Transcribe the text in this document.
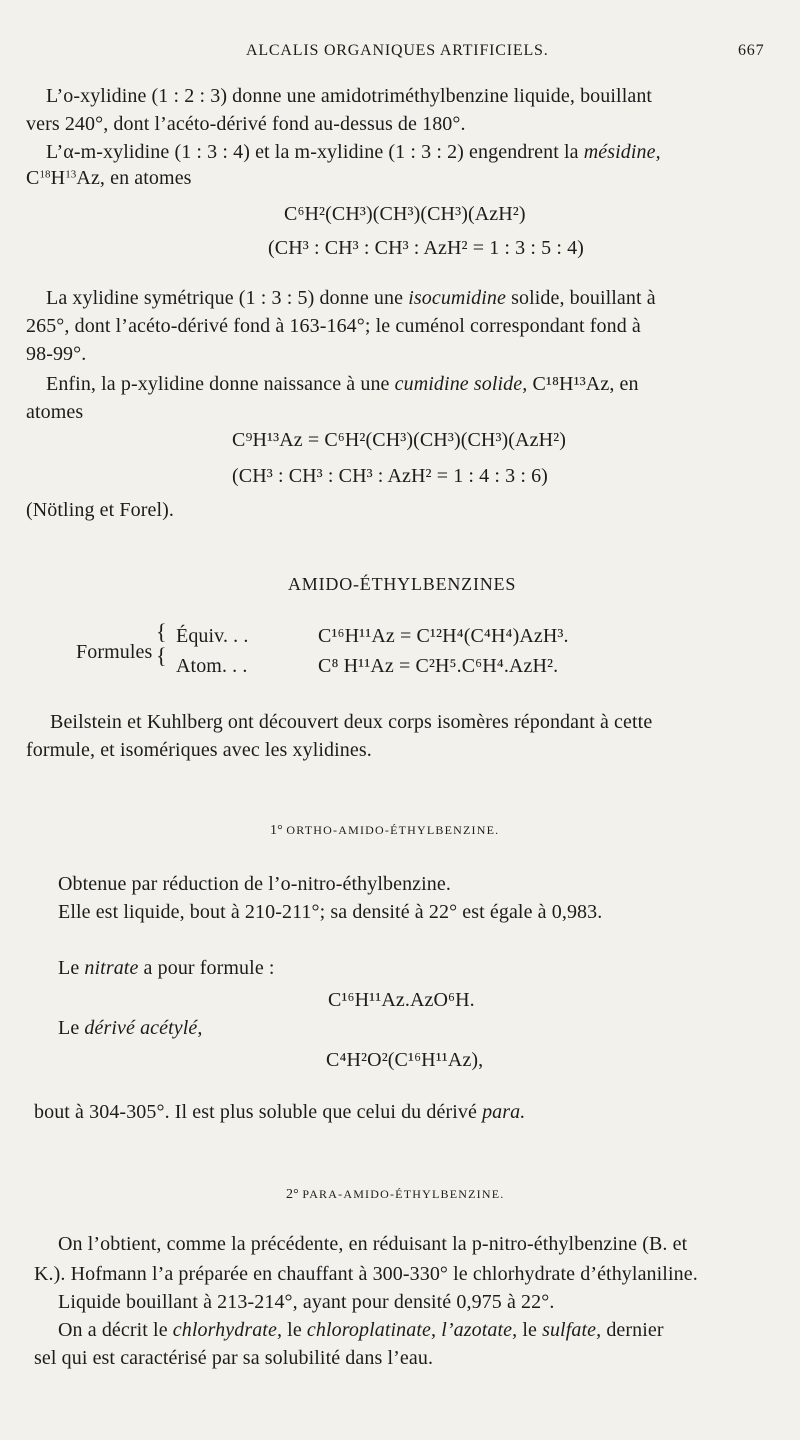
ALCALIS ORGANIQUES ARTIFICIELS.	667
L’o-xylidine (1 : 2 : 3) donne une amidotriméthylbenzine liquide, bouillant
vers 240°, dont l’acéto-dérivé fond au-dessus de 180°.
L’α-m-xylidine (1 : 3 : 4) et la m-xylidine (1 : 3 : 2) engendrent la mésidine,
$C^{18}H^{13}Az$, en atomes
C⁶H²(CH³)(CH³)(CH³)(AzH²)
(CH³ : CH³ : CH³ : AzH² = 1 : 3 : 5 : 4)
La xylidine symétrique (1 : 3 : 5) donne une isocumidine solide, bouillant à
265°, dont l’acéto-dérivé fond à 163-164°; le cuménol correspondant fond à
98-99°.
Enfin, la p-xylidine donne naissance à une cumidine solide, C¹⁸H¹³Az, en
atomes
C⁹H¹³Az = C⁶H²(CH³)(CH³)(CH³)(AzH²)
(CH³ : CH³ : CH³ : AzH² = 1 : 4 : 3 : 6)
(Nötling et Forel).
AMIDO-ÉTHYLBENZINES
Formules
{
{
Équiv. . .	C¹⁶H¹¹Az = C¹²H⁴(C⁴H⁴)AzH³.
Atom. . .	C⁸ H¹¹Az = C²H⁵.C⁶H⁴.AzH².
Beilstein et Kuhlberg ont découvert deux corps isomères répondant à cette
formule, et isomériques avec les xylidines.
1° ORTHO-AMIDO-ÉTHYLBENZINE.
Obtenue par réduction de l’o-nitro-éthylbenzine.
Elle est liquide, bout à 210-211°; sa densité à 22° est égale à 0,983.
Le nitrate a pour formule :
C¹⁶H¹¹Az.AzO⁶H.
Le dérivé acétylé,
C⁴H²O²(C¹⁶H¹¹Az),
bout à 304-305°. Il est plus soluble que celui du dérivé para.
2° PARA-AMIDO-ÉTHYLBENZINE.
On l’obtient, comme la précédente, en réduisant la p-nitro-éthylbenzine (B. et
K.). Hofmann l’a préparée en chauffant à 300-330° le chlorhydrate d’éthylaniline.
Liquide bouillant à 213-214°, ayant pour densité 0,975 à 22°.
On a décrit le chlorhydrate, le chloroplatinate, l’azotate, le sulfate, dernier
sel qui est caractérisé par sa solubilité dans l’eau.
